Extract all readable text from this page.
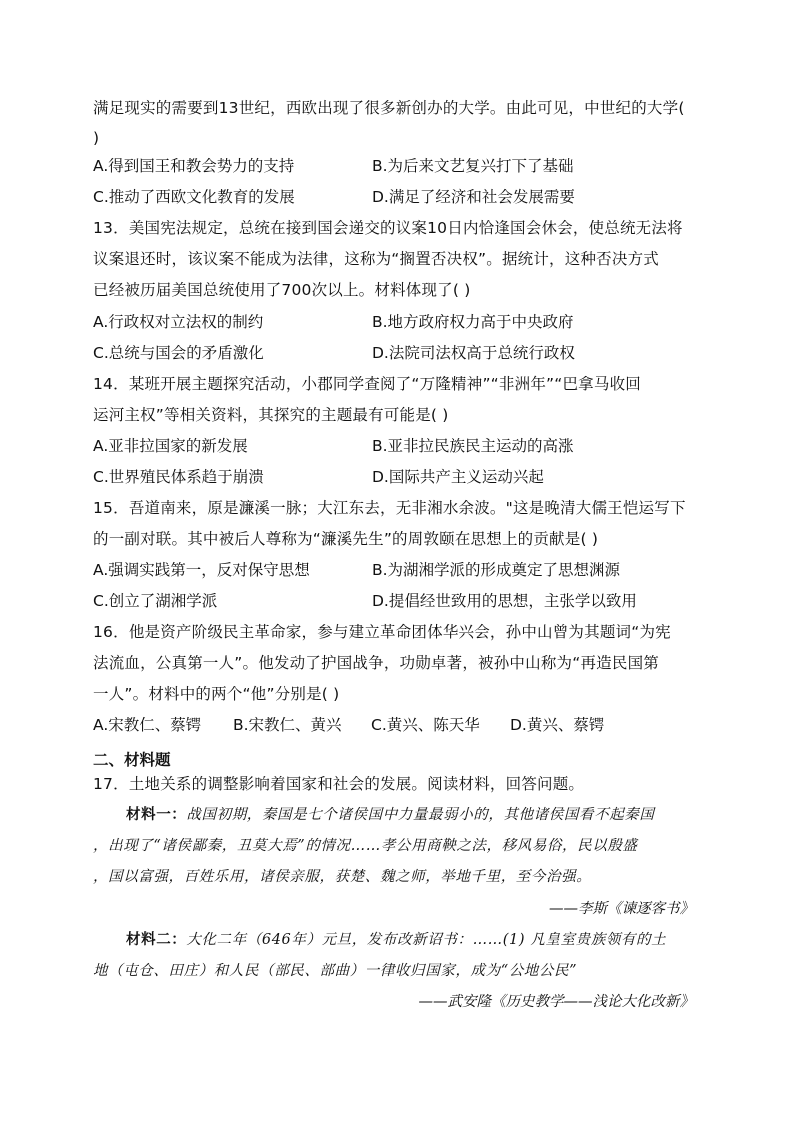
满足现实的需要到13世纪，西欧出现了很多新创办的大学。由此可见，中世纪的大学(
)
A.得到国王和教会势力的支持	B.为后来文艺复兴打下了基础
C.推动了西欧文化教育的发展	D.满足了经济和社会发展需要
13．美国宪法规定，总统在接到国会递交的议案10日内恰逢国会休会，使总统无法将
议案退还时，该议案不能成为法律，这称为“搁置否决权”。据统计，这种否决方式
已经被历届美国总统使用了700次以上。材料体现了( )
A.行政权对立法权的制约	B.地方政府权力高于中央政府
C.总统与国会的矛盾激化	D.法院司法权高于总统行政权
14．某班开展主题探究活动，小郡同学查阅了“万隆精神”“非洲年”“巴拿马收回
运河主权”等相关资料，其探究的主题最有可能是( )
A.亚非拉国家的新发展	B.亚非拉民族民主运动的高涨
C.世界殖民体系趋于崩溃	D.国际共产主义运动兴起
15．吾道南来，原是濂溪一脉；大江东去，无非湘水余波。"这是晚清大儒王恺运写下
的一副对联。其中被后人尊称为“濂溪先生”的周敦颐在思想上的贡献是( )
A.强调实践第一，反对保守思想	B.为湖湘学派的形成奠定了思想渊源
C.创立了湖湘学派	D.提倡经世致用的思想，主张学以致用
16．他是资产阶级民主革命家，参与建立革命团体华兴会，孙中山曾为其题词“为宪
法流血，公真第一人”。他发动了护国战争，功勋卓著，被孙中山称为“再造民国第
一人”。材料中的两个“他”分别是( )
A.宋教仁、蔡锷 B.宋教仁、黄兴 C.黄兴、陈天华 D.黄兴、蔡锷
二、材料题
17．土地关系的调整影响着国家和社会的发展。阅读材料，回答问题。
材料一：战国初期，秦国是七个诸侯国中力量最弱小的，其他诸侯国看不起秦国
，出现了“诸侯鄙秦，丑莫大焉”的情况……孝公用商鞅之法，移风易俗，民以殷盛
，国以富强，百姓乐用，诸侯亲服，获楚、魏之师，举地千里，至今治强。
——李斯《谏逐客书》
材料二：大化二年（646年）元旦，发布改新诏书：……(1) 凡皇室贵族领有的土
地（屯仓、田庄）和人民（部民、部曲）一律收归国家，成为“公地公民”
——武安隆《历史教学——浅论大化改新》
